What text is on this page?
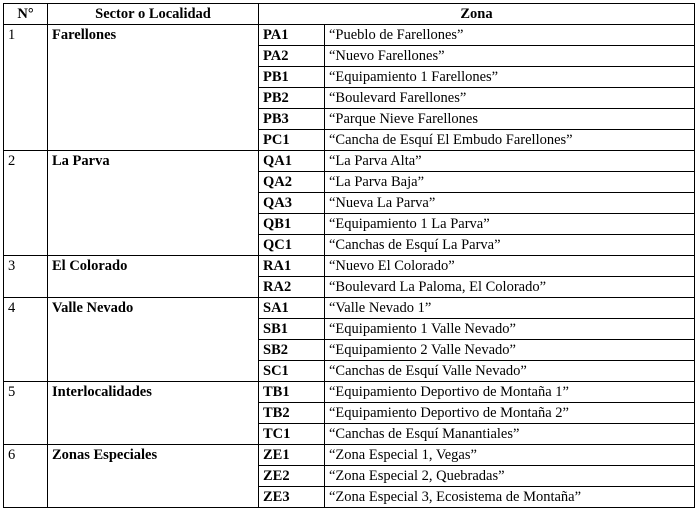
N°	Sector o Localidad	Zona	
1	Farellones	PA1	“Pueblo de Farellones”
		PA2	“Nuevo Farellones”
		PB1	“Equipamiento 1 Farellones”
		PB2	“Boulevard Farellones”
		PB3	“Parque Nieve Farellones
		PC1	“Cancha de Esquí El Embudo Farellones”
2	La Parva	QA1	“La Parva Alta”
		QA2	“La Parva Baja”
		QA3	“Nueva La Parva”
		QB1	“Equipamiento 1 La Parva”
		QC1	“Canchas de Esquí La Parva”
3	El Colorado	RA1	“Nuevo El Colorado”
		RA2	“Boulevard La Paloma, El Colorado”
4	Valle Nevado	SA1	“Valle Nevado 1”
		SB1	“Equipamiento 1 Valle Nevado”
		SB2	“Equipamiento 2 Valle Nevado”
		SC1	“Canchas de Esquí Valle Nevado”
5	Interlocalidades	TB1	“Equipamiento Deportivo de Montaña 1”
		TB2	“Equipamiento Deportivo de Montaña 2”
		TC1	“Canchas de Esquí Manantiales”
6	Zonas Especiales	ZE1	“Zona Especial 1, Vegas”
		ZE2	“Zona Especial 2, Quebradas”
		ZE3	“Zona Especial 3, Ecosistema de Montaña”
